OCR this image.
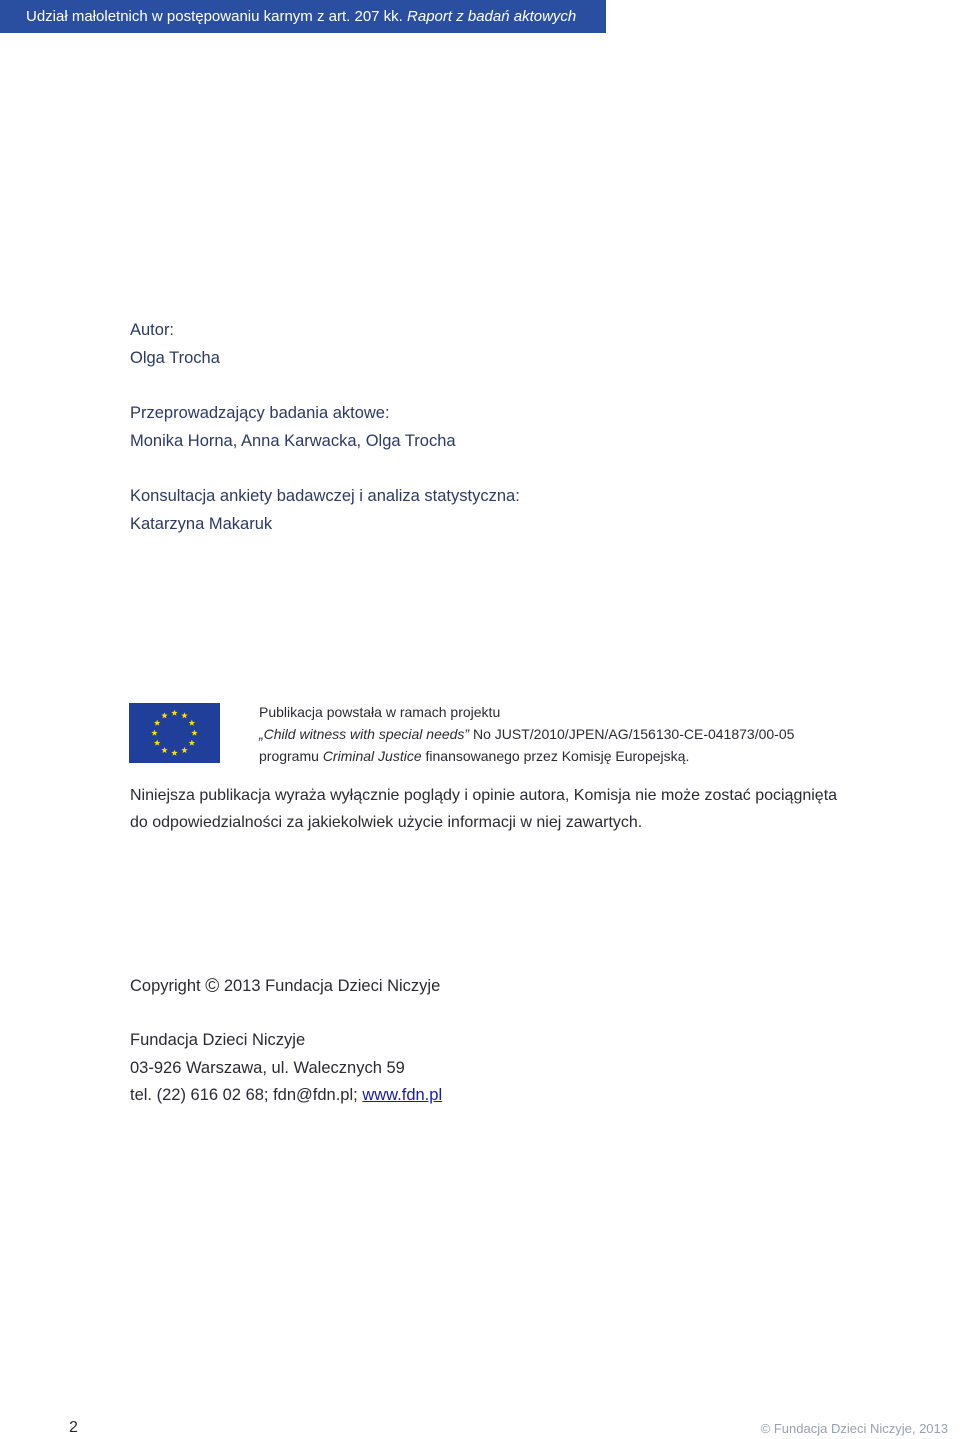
Udział małoletnich w postępowaniu karnym z art. 207 kk. Raport z badań aktowych
Autor:
Olga Trocha
Przeprowadzający badania aktowe:
Monika Horna, Anna Karwacka, Olga Trocha
Konsultacja ankiety badawczej i analiza statystyczna:
Katarzyna Makaruk
Publikacja powstała w ramach projektu
„Child witness with special needs” No JUST/2010/JPEN/AG/156130-CE-041873/00-05
programu Criminal Justice finansowanego przez Komisję Europejską.
Niniejsza publikacja wyraża wyłącznie poglądy i opinie autora, Komisja nie może zostać pociągnięta
do odpowiedzialności za jakiekolwiek użycie informacji w niej zawartych.
Copyright © 2013 Fundacja Dzieci Niczyje
Fundacja Dzieci Niczyje
03-926 Warszawa, ul. Walecznych 59
tel. (22) 616 02 68; fdn@fdn.pl; www.fdn.pl
2	© Fundacja Dzieci Niczyje, 2013
